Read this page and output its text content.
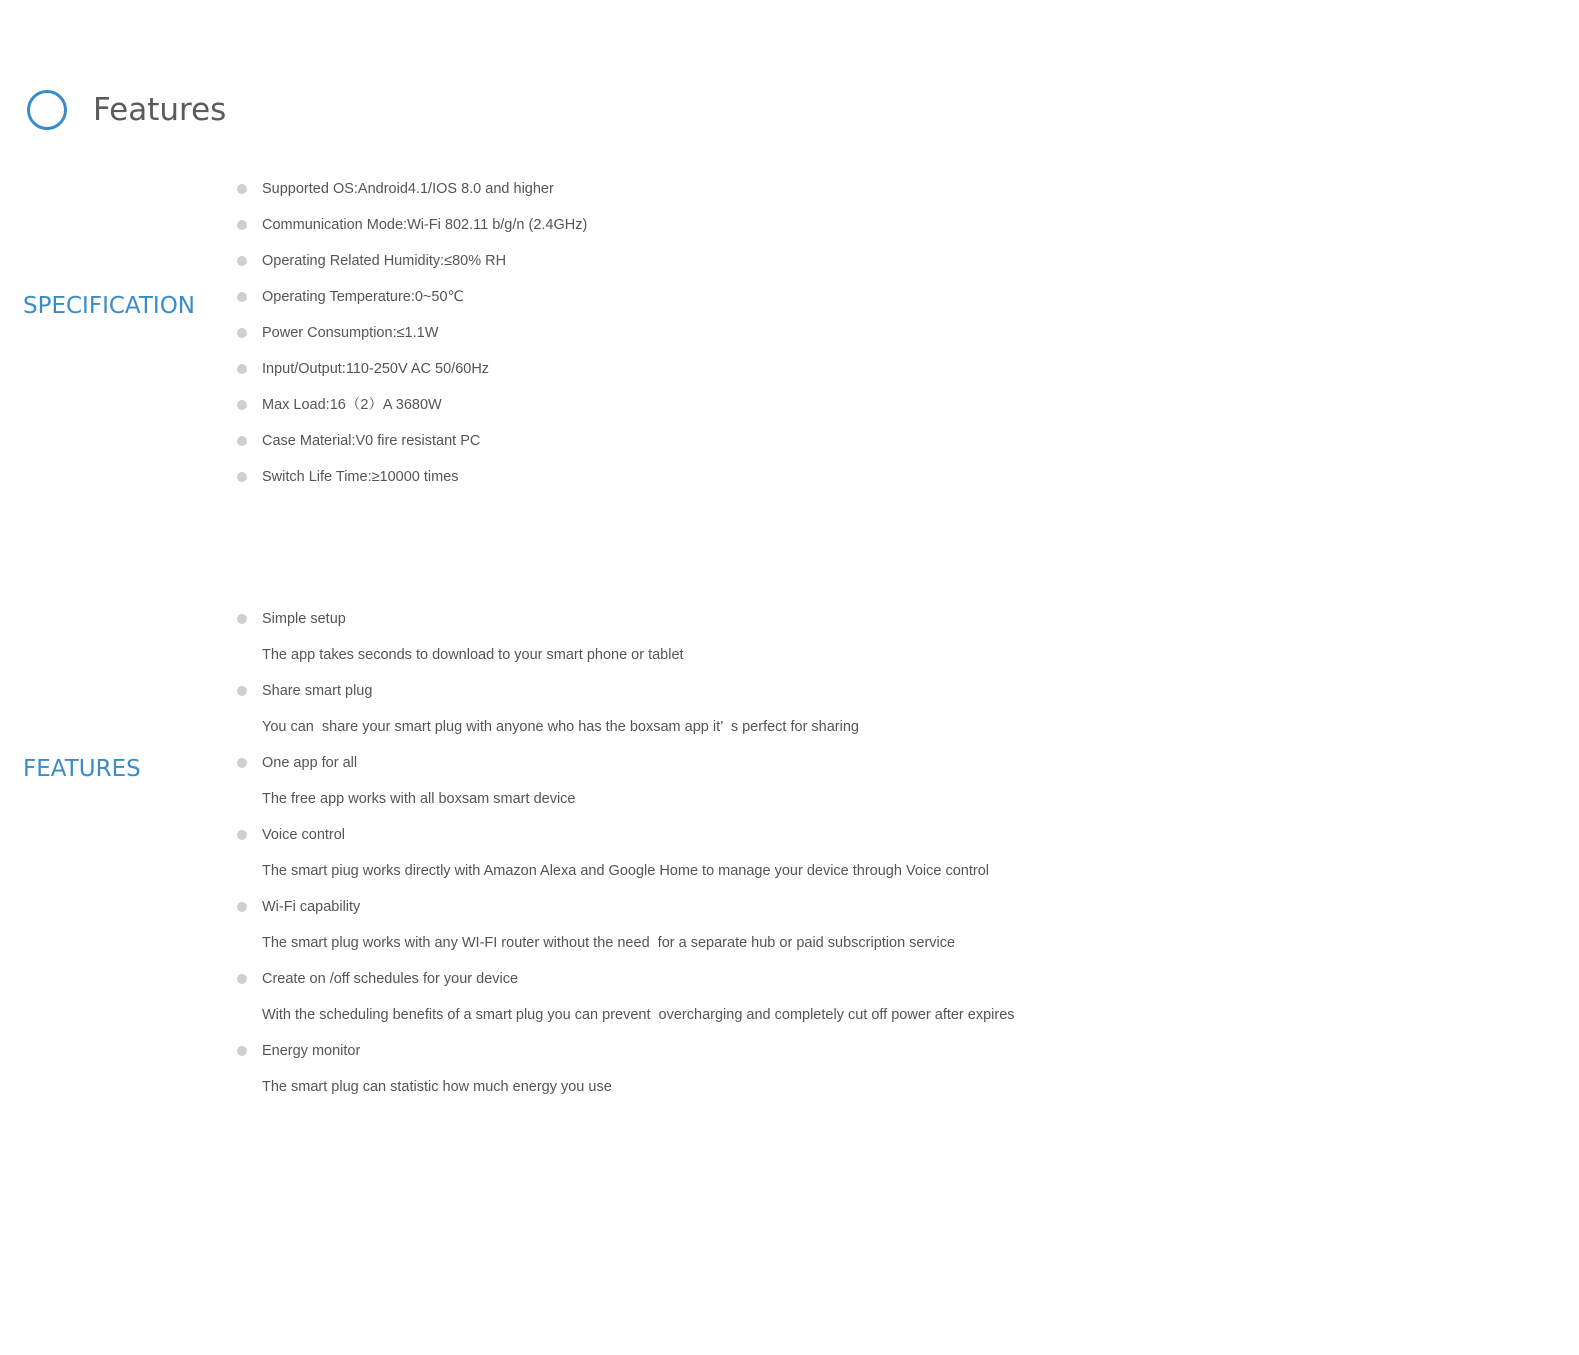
Features
SPECIFICATION
Supported OS:Android4.1/IOS 8.0 and higher
Communication Mode:Wi-Fi 802.11 b/g/n (2.4GHz)
Operating Related Humidity:≤80% RH
Operating Temperature:0~50℃
Power Consumption:≤1.1W
Input/Output:110-250V AC 50/60Hz
Max Load:16（2）A 3680W
Case Material:V0 fire resistant PC
Switch Life Time:≥10000 times
FEATURES
Simple setup
The app takes seconds to download to your smart phone or tablet
Share smart plug
You can  share your smart plug with anyone who has the boxsam app it’  s perfect for sharing
One app for all
The free app works with all boxsam smart device
Voice control
The smart piug works directly with Amazon Alexa and Google Home to manage your device through Voice control
Wi-Fi capability
The smart plug works with any WI-FI router without the need  for a separate hub or paid subscription service
Create on /off schedules for your device
With the scheduling benefits of a smart plug you can prevent  overcharging and completely cut off power after expires
Energy monitor
The smart plug can statistic how much energy you use
